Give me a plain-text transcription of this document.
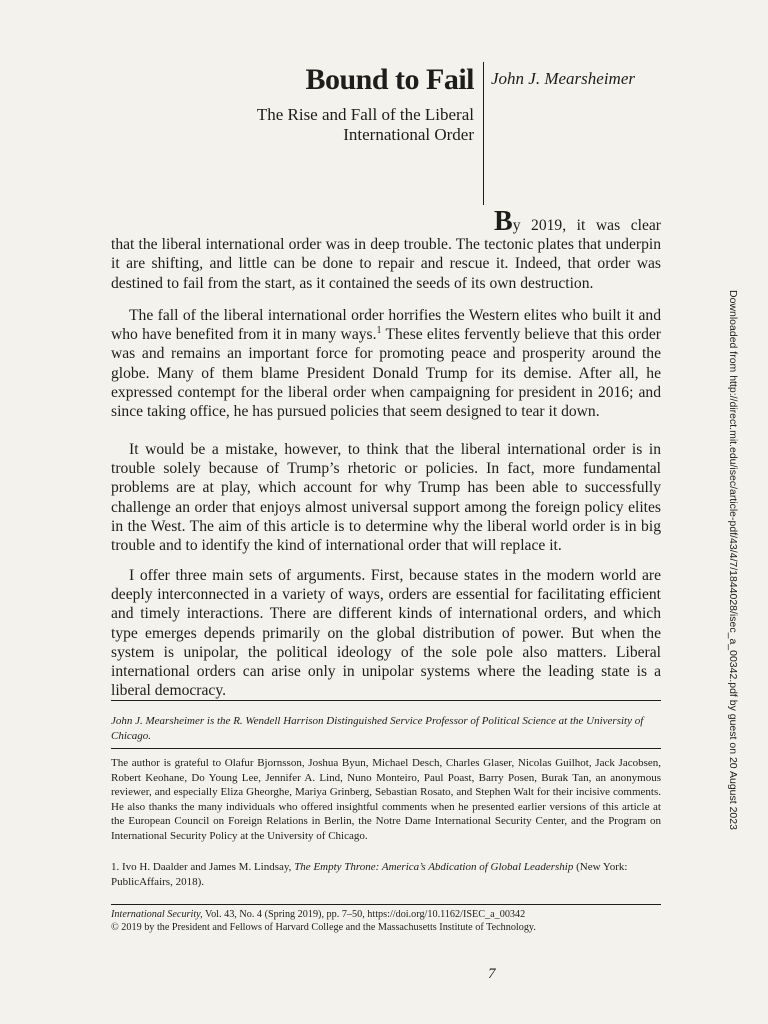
Bound to Fail
The Rise and Fall of the Liberal
International Order
John J. Mearsheimer
By 2019, it was clear
that the liberal international order was in deep trouble. The tectonic plates that underpin it are shifting, and little can be done to repair and rescue it. Indeed, that order was destined to fail from the start, as it contained the seeds of its own destruction.
The fall of the liberal international order horrifies the Western elites who built it and who have benefited from it in many ways.$^1$ These elites fervently believe that this order was and remains an important force for promoting peace and prosperity around the globe. Many of them blame President Donald Trump for its demise. After all, he expressed contempt for the liberal order when campaigning for president in 2016; and since taking office, he has pursued policies that seem designed to tear it down.
It would be a mistake, however, to think that the liberal international order is in trouble solely because of Trump’s rhetoric or policies. In fact, more fundamental problems are at play, which account for why Trump has been able to successfully challenge an order that enjoys almost universal support among the foreign policy elites in the West. The aim of this article is to determine why the liberal world order is in big trouble and to identify the kind of international order that will replace it.
I offer three main sets of arguments. First, because states in the modern world are deeply interconnected in a variety of ways, orders are essential for facilitating efficient and timely interactions. There are different kinds of international orders, and which type emerges depends primarily on the global distribution of power. But when the system is unipolar, the political ideology of the sole pole also matters. Liberal international orders can arise only in unipolar systems where the leading state is a liberal democracy.
John J. Mearsheimer is the R. Wendell Harrison Distinguished Service Professor of Political Science at the University of Chicago.
The author is grateful to Olafur Bjornsson, Joshua Byun, Michael Desch, Charles Glaser, Nicolas Guilhot, Jack Jacobsen, Robert Keohane, Do Young Lee, Jennifer A. Lind, Nuno Monteiro, Paul Poast, Barry Posen, Burak Tan, an anonymous reviewer, and especially Eliza Gheorghe, Mariya Grinberg, Sebastian Rosato, and Stephen Walt for their incisive comments. He also thanks the many individuals who offered insightful comments when he presented earlier versions of this article at the European Council on Foreign Relations in Berlin, the Notre Dame International Security Center, and the Program on International Security Policy at the University of Chicago.
1. Ivo H. Daalder and James M. Lindsay, The Empty Throne: America’s Abdication of Global Leadership (New York: PublicAffairs, 2018).
International Security, Vol. 43, No. 4 (Spring 2019), pp. 7–50, https://doi.org/10.1162/ISEC_a_00342
© 2019 by the President and Fellows of Harvard College and the Massachusetts Institute of Technology.
7
Downloaded from http://direct.mit.edu/isec/article-pdf/43/4/7/1844028/isec_a_00342.pdf by guest on 20 August 2023
